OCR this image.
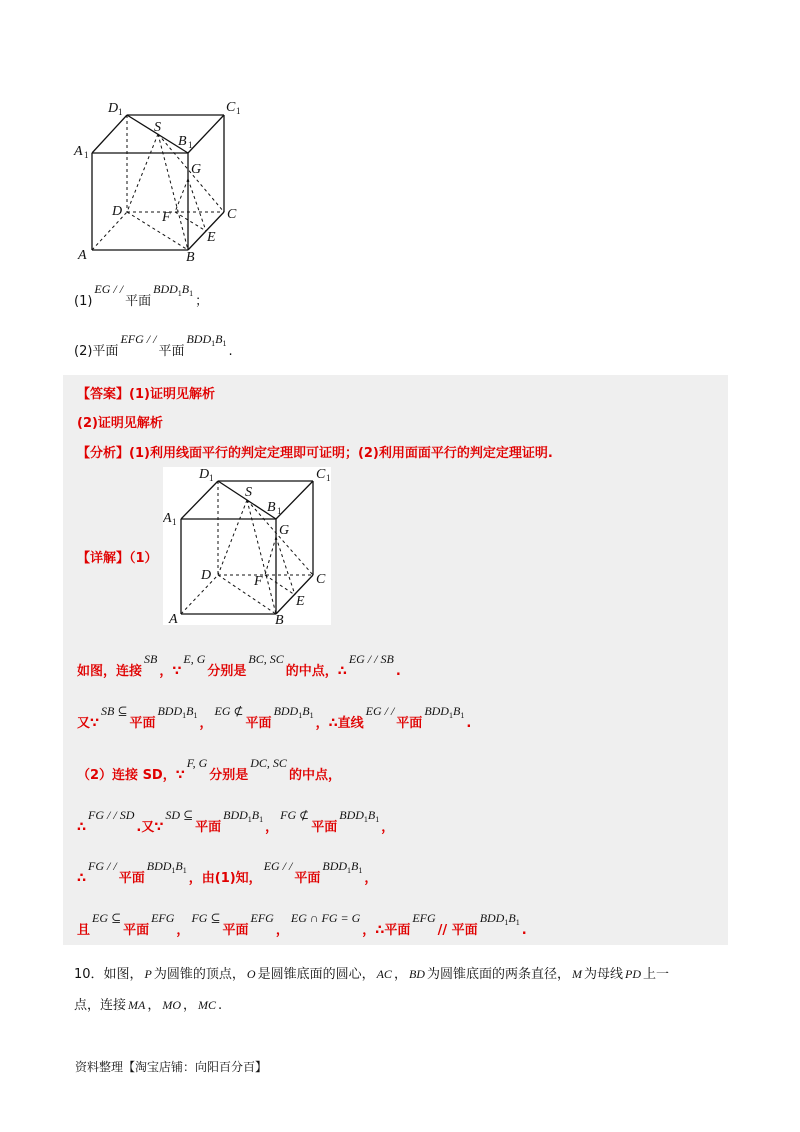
D 1	C 1
A 1
B 1
S
G
D	F	C
E
A	B
(1)EG / /平面$BDD_1B_1$；
(2)平面EFG / /平面$BDD_1B_1$.
【答案】(1)证明见解析
(2)证明见解析
【分析】(1)利用线面平行的判定定理即可证明；(2)利用面面平行的判定定理证明.
D 1	C 1
A 1
B 1
S
G
D	F	C
E
A	B
【详解】（1）
如图，连接SB，∵E, G分别是BC, SC的中点，∴EG / / SB.
又∵SB ⊆平面$BDD_1B_1$，EG ⊄平面$BDD_1B_1$，∴直线EG / /平面$BDD_1B_1$.
（2）连接 SD，∵F, G分别是DC, SC的中点，
∴FG / / SD.又∵SD ⊆平面$BDD_1B_1$，FG ⊄平面$BDD_1B_1$，
∴FG / /平面$BDD_1B_1$，由(1)知，EG / /平面$BDD_1B_1$，
且EG ⊆平面EFG，FG ⊆平面EFG，EG ∩ FG = G，∴平面EFG// 平面$BDD_1B_1$.
10．如图， P 为圆锥的顶点， O 是圆锥底面的圆心， AC ， BD 为圆锥底面的两条直径， M 为母线 PD 上一
点，连接 MA ， MO ， MC .
资料整理【淘宝店铺：向阳百分百】
